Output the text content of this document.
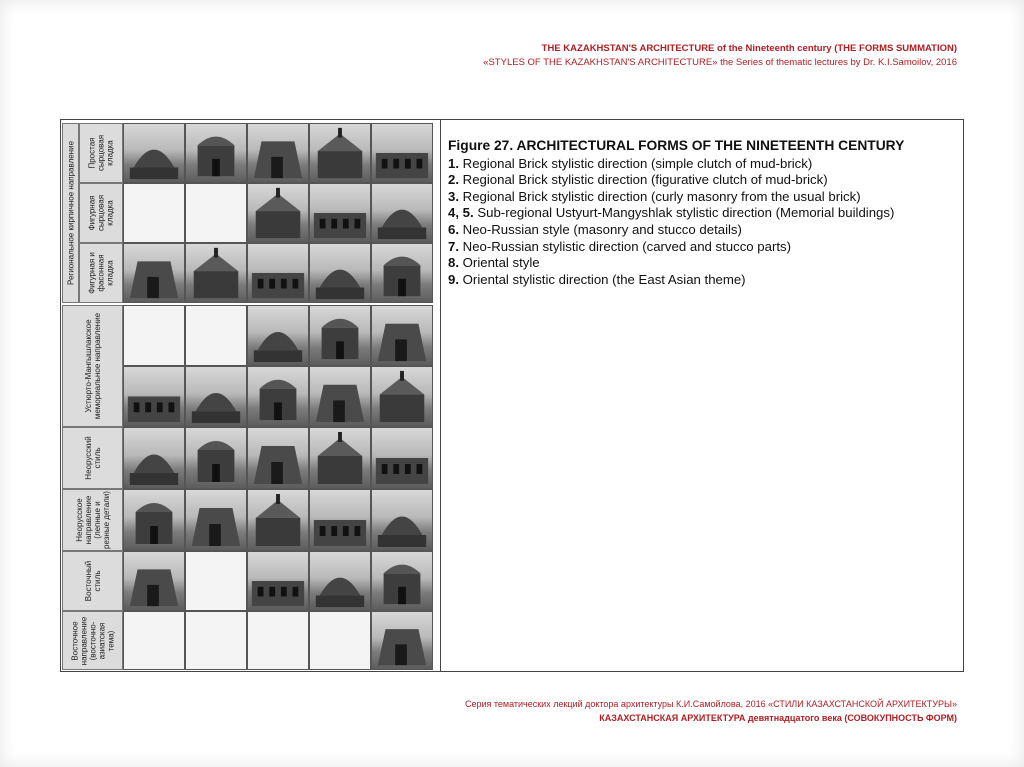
THE KAZAKHSTAN'S ARCHITECTURE of the Nineteenth century (THE FORMS SUMMATION)
«STYLES OF THE KAZAKHSTAN'S ARCHITECTURE» the Series of thematic lectures by Dr. K.I.Samoilov, 2016
Региональное кирпичное направление Простая сырцовая кладка
Фигурная сырцовая кладка
Фигурная и фасонная кладка
Устюрто-Мангышлакское мемориальное направление
Неорусский стиль
Неорусское направление (лепные и резные детали)
Восточный стиль
Восточное направление (восточно-азиатская тема)
Figure 27. ARCHITECTURAL FORMS OF THE NINETEENTH CENTURY
1. Regional Brick stylistic direction (simple clutch of mud-brick)
2. Regional Brick stylistic direction (figurative clutch of mud-brick)
3. Regional Brick stylistic direction (curly masonry from the usual brick)
4, 5. Sub-regional Ustyurt-Mangyshlak stylistic direction (Memorial buildings)
6. Neo-Russian style (masonry and stucco details)
7. Neo-Russian stylistic direction (carved and stucco parts)
8. Oriental style
9. Oriental stylistic direction (the East Asian theme)
Серия тематических лекций доктора архитектуры К.И.Самойлова, 2016 «СТИЛИ КАЗАХСТАНСКОЙ АРХИТЕКТУРЫ»
КАЗАХСТАНСКАЯ АРХИТЕКТУРА девятнадцатого века (СОВОКУПНОСТЬ ФОРМ)
